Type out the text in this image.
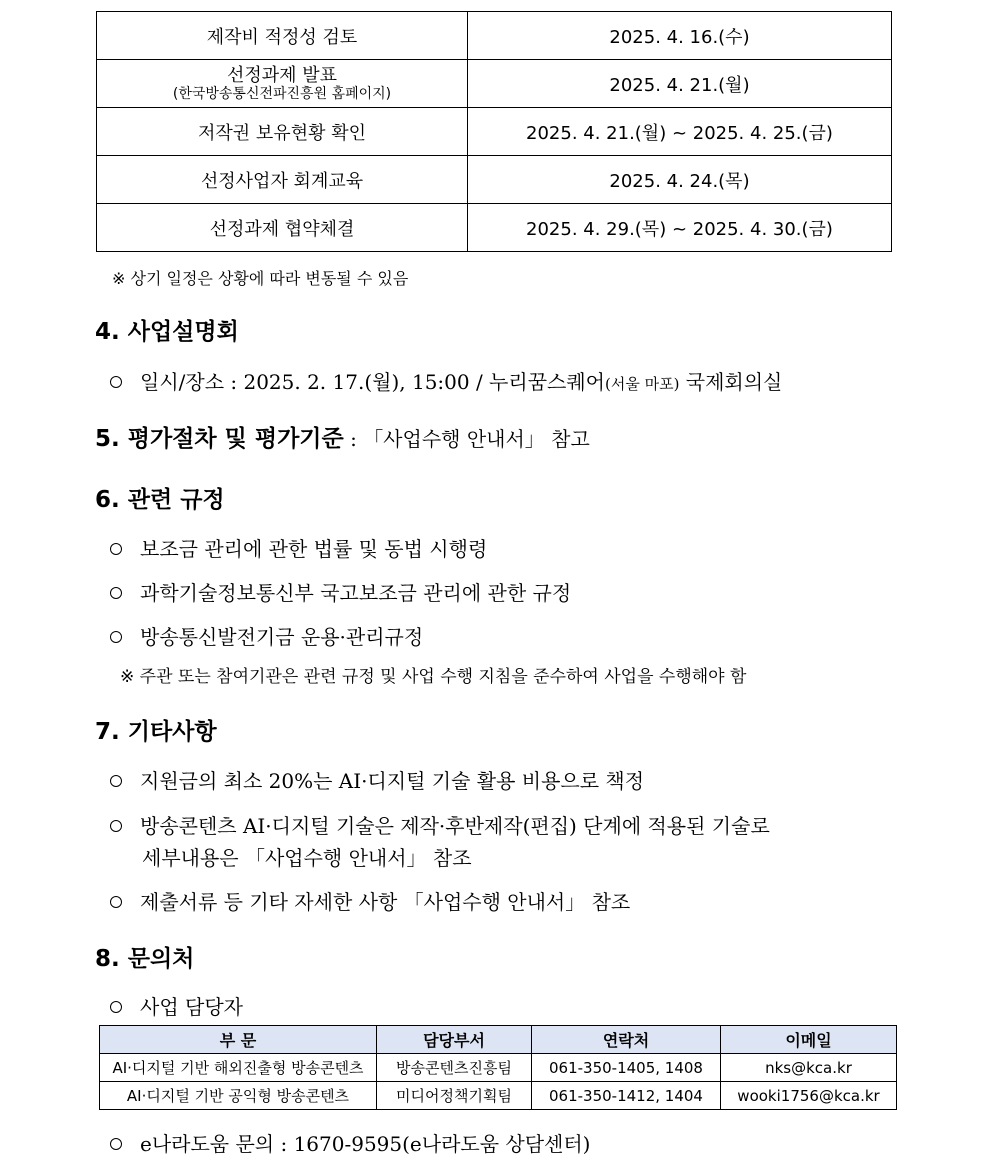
제작비 적정성 검토	2025. 4. 16.(수)

선정과제 발표
(한국방송통신전파진흥원 홈페이지)	2025. 4. 21.(월)
저작권 보유현황 확인	2025. 4. 21.(월) ~ 2025. 4. 25.(금)
선정사업자 회계교육	2025. 4. 24.(목)
선정과제 협약체결	2025. 4. 29.(목) ~ 2025. 4. 30.(금)
※ 상기 일정은 상황에 따라 변동될 수 있음
4. 사업설명회
일시/장소 : 2025. 2. 17.(월), 15:00 / 누리꿈스퀘어(서울 마포) 국제회의실
5. 평가절차 및 평가기준 : 「사업수행 안내서」 참고
6. 관련 규정
보조금 관리에 관한 법률 및 동법 시행령
과학기술정보통신부 국고보조금 관리에 관한 규정
방송통신발전기금 운용·관리규정
※ 주관 또는 참여기관은 관련 규정 및 사업 수행 지침을 준수하여 사업을 수행해야 함
7. 기타사항
지원금의 최소 20%는 AI·디지털 기술 활용 비용으로 책정
방송콘텐츠 AI·디지털 기술은 제작·후반제작(편집) 단계에 적용된 기술로
세부내용은 「사업수행 안내서」 참조
제출서류 등 기타 자세한 사항 「사업수행 안내서」 참조
8. 문의처
사업 담당자
부 문	담당부서	연락처	이메일
AI·디지털 기반 해외진출형 방송콘텐츠	방송콘텐츠진흥팀	061-350-1405, 1408	nks@kca.kr
AI·디지털 기반 공익형 방송콘텐츠	미디어정책기획팀	061-350-1412, 1404	wooki1756@kca.kr
e나라도움 문의 : 1670-9595(e나라도움 상담센터)
